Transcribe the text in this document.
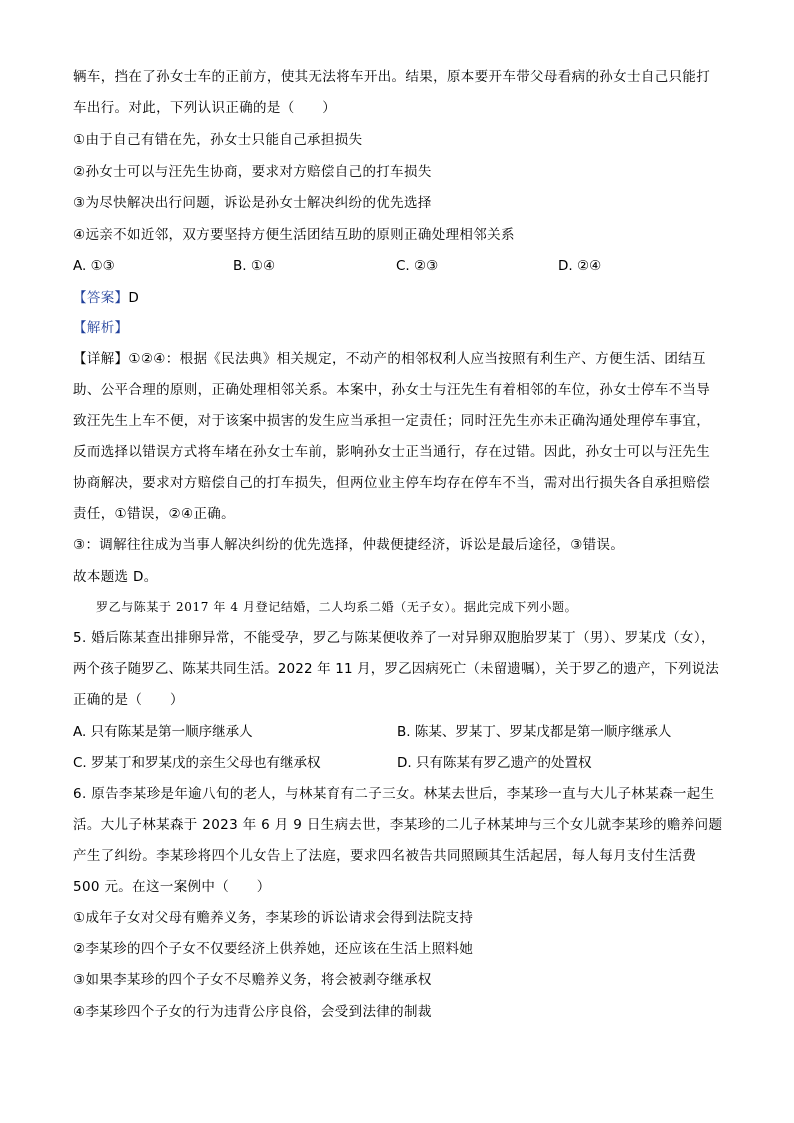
辆车，挡在了孙女士车的正前方，使其无法将车开出。结果，原本要开车带父母看病的孙女士自己只能打
车出行。对此，下列认识正确的是（　　）
①由于自己有错在先，孙女士只能自己承担损失
②孙女士可以与汪先生协商，要求对方赔偿自己的打车损失
③为尽快解决出行问题，诉讼是孙女士解决纠纷的优先选择
④远亲不如近邻，双方要坚持方便生活团结互助的原则正确处理相邻关系
A. ①③	B. ①④	C. ②③	D. ②④
【答案】D
【解析】
【详解】①②④：根据《民法典》相关规定，不动产的相邻权利人应当按照有利生产、方便生活、团结互
助、公平合理的原则，正确处理相邻关系。本案中，孙女士与汪先生有着相邻的车位，孙女士停车不当导
致汪先生上车不便，对于该案中损害的发生应当承担一定责任；同时汪先生亦未正确沟通处理停车事宜，
反而选择以错误方式将车堵在孙女士车前，影响孙女士正当通行，存在过错。因此，孙女士可以与汪先生
协商解决，要求对方赔偿自己的打车损失，但两位业主停车均存在停车不当，需对出行损失各自承担赔偿
责任，①错误，②④正确。
③：调解往往成为当事人解决纠纷的优先选择，仲裁便捷经济，诉讼是最后途径，③错误。
故本题选 D。
罗乙与陈某于 2017 年 4 月登记结婚，二人均系二婚（无子女）。据此完成下列小题。
5. 婚后陈某查出排卵异常，不能受孕，罗乙与陈某便收养了一对异卵双胞胎罗某丁（男）、罗某戊（女），
两个孩子随罗乙、陈某共同生活。2022 年 11 月，罗乙因病死亡（未留遗嘱），关于罗乙的遗产，下列说法
正确的是（　　）
A. 只有陈某是第一顺序继承人	B. 陈某、罗某丁、罗某戊都是第一顺序继承人
C. 罗某丁和罗某戊的亲生父母也有继承权	D. 只有陈某有罗乙遗产的处置权
6. 原告李某珍是年逾八旬的老人，与林某育有二子三女。林某去世后，李某珍一直与大儿子林某森一起生
活。大儿子林某森于 2023 年 6 月 9 日生病去世，李某珍的二儿子林某坤与三个女儿就李某珍的赡养问题
产生了纠纷。李某珍将四个儿女告上了法庭，要求四名被告共同照顾其生活起居，每人每月支付生活费
500 元。在这一案例中（　　）
①成年子女对父母有赡养义务，李某珍的诉讼请求会得到法院支持
②李某珍的四个子女不仅要经济上供养她，还应该在生活上照料她
③如果李某珍的四个子女不尽赡养义务，将会被剥夺继承权
④李某珍四个子女的行为违背公序良俗，会受到法律的制裁
